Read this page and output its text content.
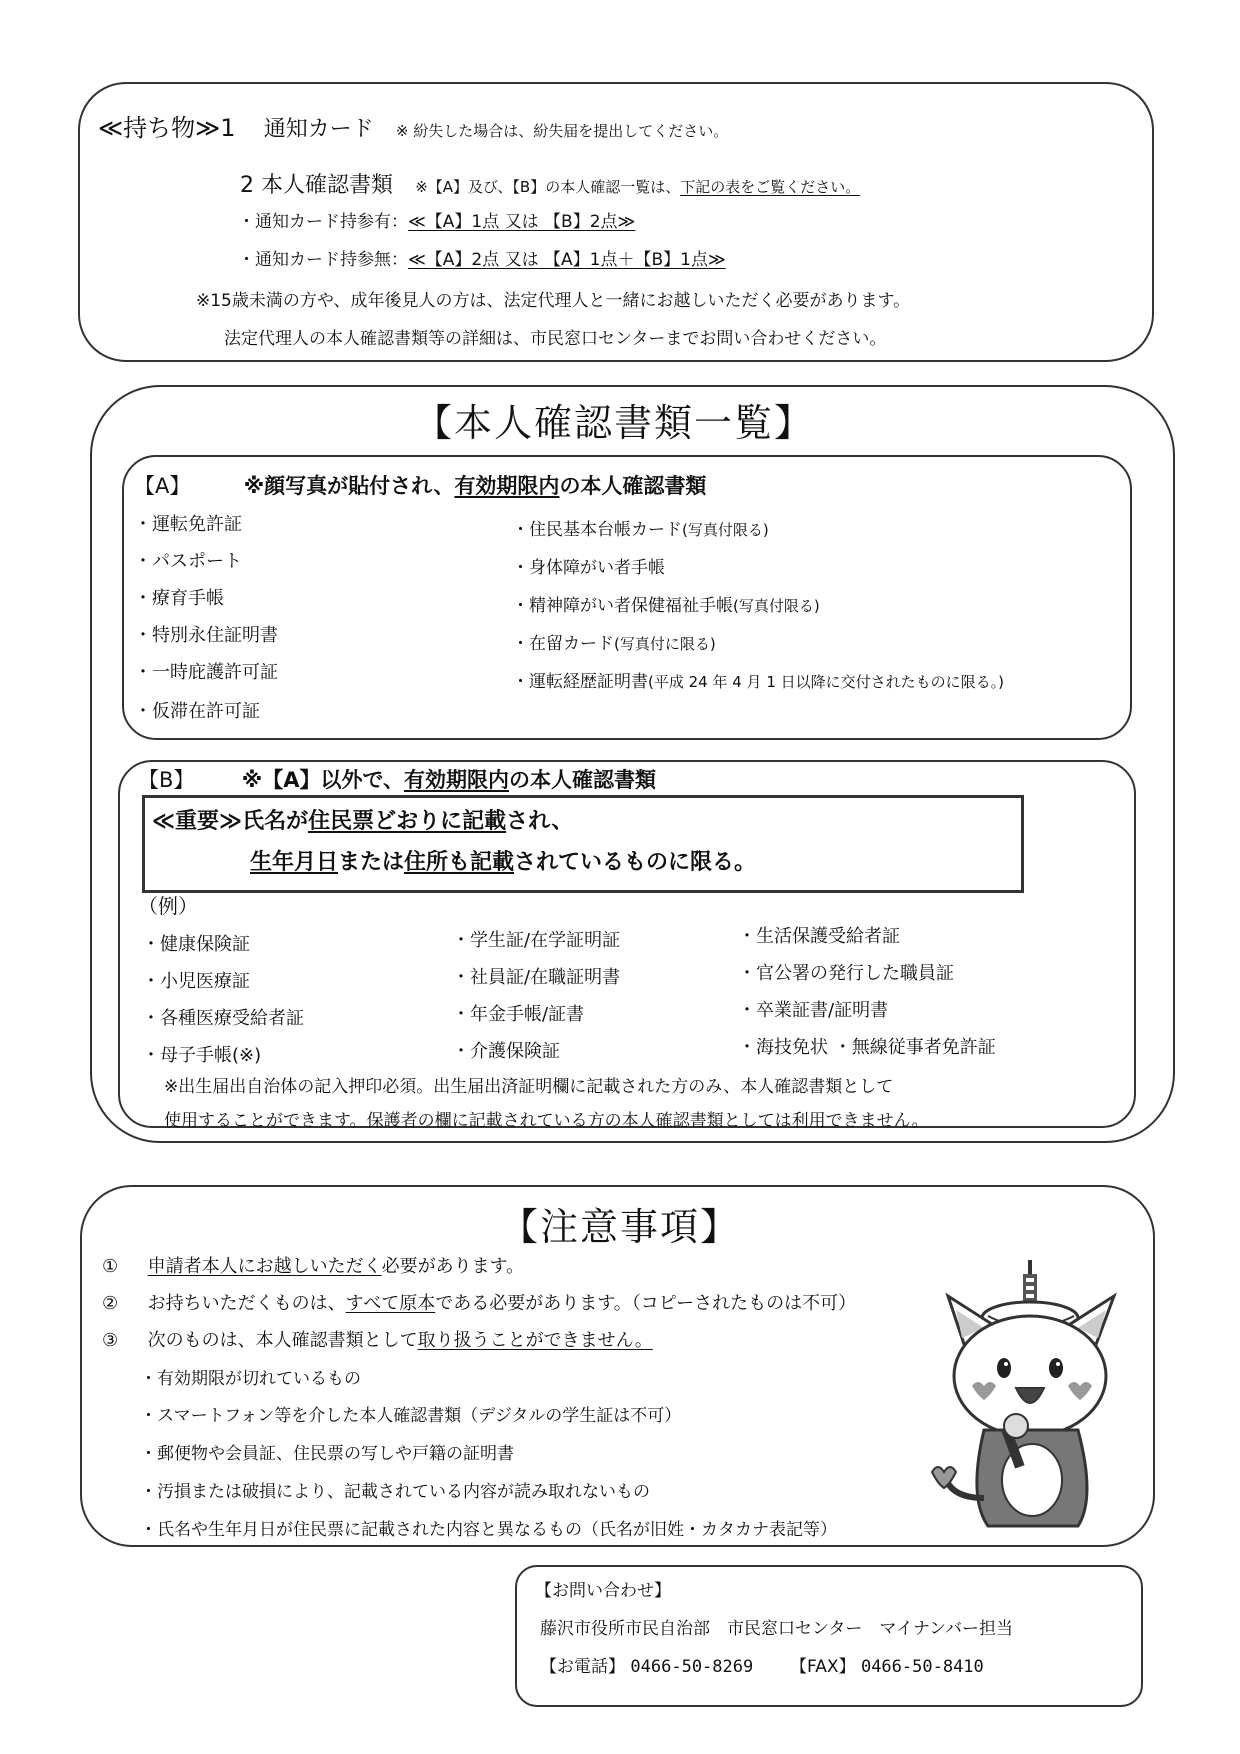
≪持ち物≫1 通知カード ※ 紛失した場合は、紛失届を提出してください。
2 本人確認書類 ※【A】及び、【B】の本人確認一覧は、下記の表をご覧ください。
・通知カード持参有：≪【A】1点 又は 【B】2点≫
・通知カード持参無：≪【A】2点 又は 【A】1点＋【B】1点≫
※15歳未満の方や、成年後見人の方は、法定代理人と一緒にお越しいただく必要があります。
法定代理人の本人確認書類等の詳細は、市民窓口センターまでお問い合わせください。
【本人確認書類一覧】
【A】	※顔写真が貼付され、有効期限内の本人確認書類
・運転免許証
・パスポート
・療育手帳
・特別永住証明書
・一時庇護許可証
・仮滞在許可証
・住民基本台帳カード(写真付限る)
・身体障がい者手帳
・精神障がい者保健福祉手帳(写真付限る)
・在留カード(写真付に限る)
・運転経歴証明書(平成 24 年 4 月 1 日以降に交付されたものに限る。)
【B】 ※【A】以外で、有効期限内の本人確認書類
≪重要≫氏名が住民票どおりに記載され、
生年月日または住所も記載されているものに限る。
（例）
・健康保険証
・小児医療証
・各種医療受給者証
・母子手帳(※)
・学生証/在学証明証
・社員証/在職証明書
・年金手帳/証書
・介護保険証
・生活保護受給者証
・官公署の発行した職員証
・卒業証書/証明書
・海技免状 ・無線従事者免許証
※出生届出自治体の記入押印必須。出生届出済証明欄に記載された方のみ、本人確認書類として
使用することができます。保護者の欄に記載されている方の本人確認書類としては利用できません。
【注意事項】
① 申請者本人にお越しいただく必要があります。
② お持ちいただくものは、すべて原本である必要があります。（コピーされたものは不可）
③ 次のものは、本人確認書類として取り扱うことができません。
・有効期限が切れているもの
・スマートフォン等を介した本人確認書類（デジタルの学生証は不可）
・郵便物や会員証、住民票の写しや戸籍の証明書
・汚損または破損により、記載されている内容が読み取れないもの
・氏名や生年月日が住民票に記載された内容と異なるもの（氏名が旧姓・カタカナ表記等）
【お問い合わせ】
藤沢市役所市民自治部　市民窓口センター　マイナンバー担当
【お電話】 0466-50-8269 【FAX】 0466-50-8410
